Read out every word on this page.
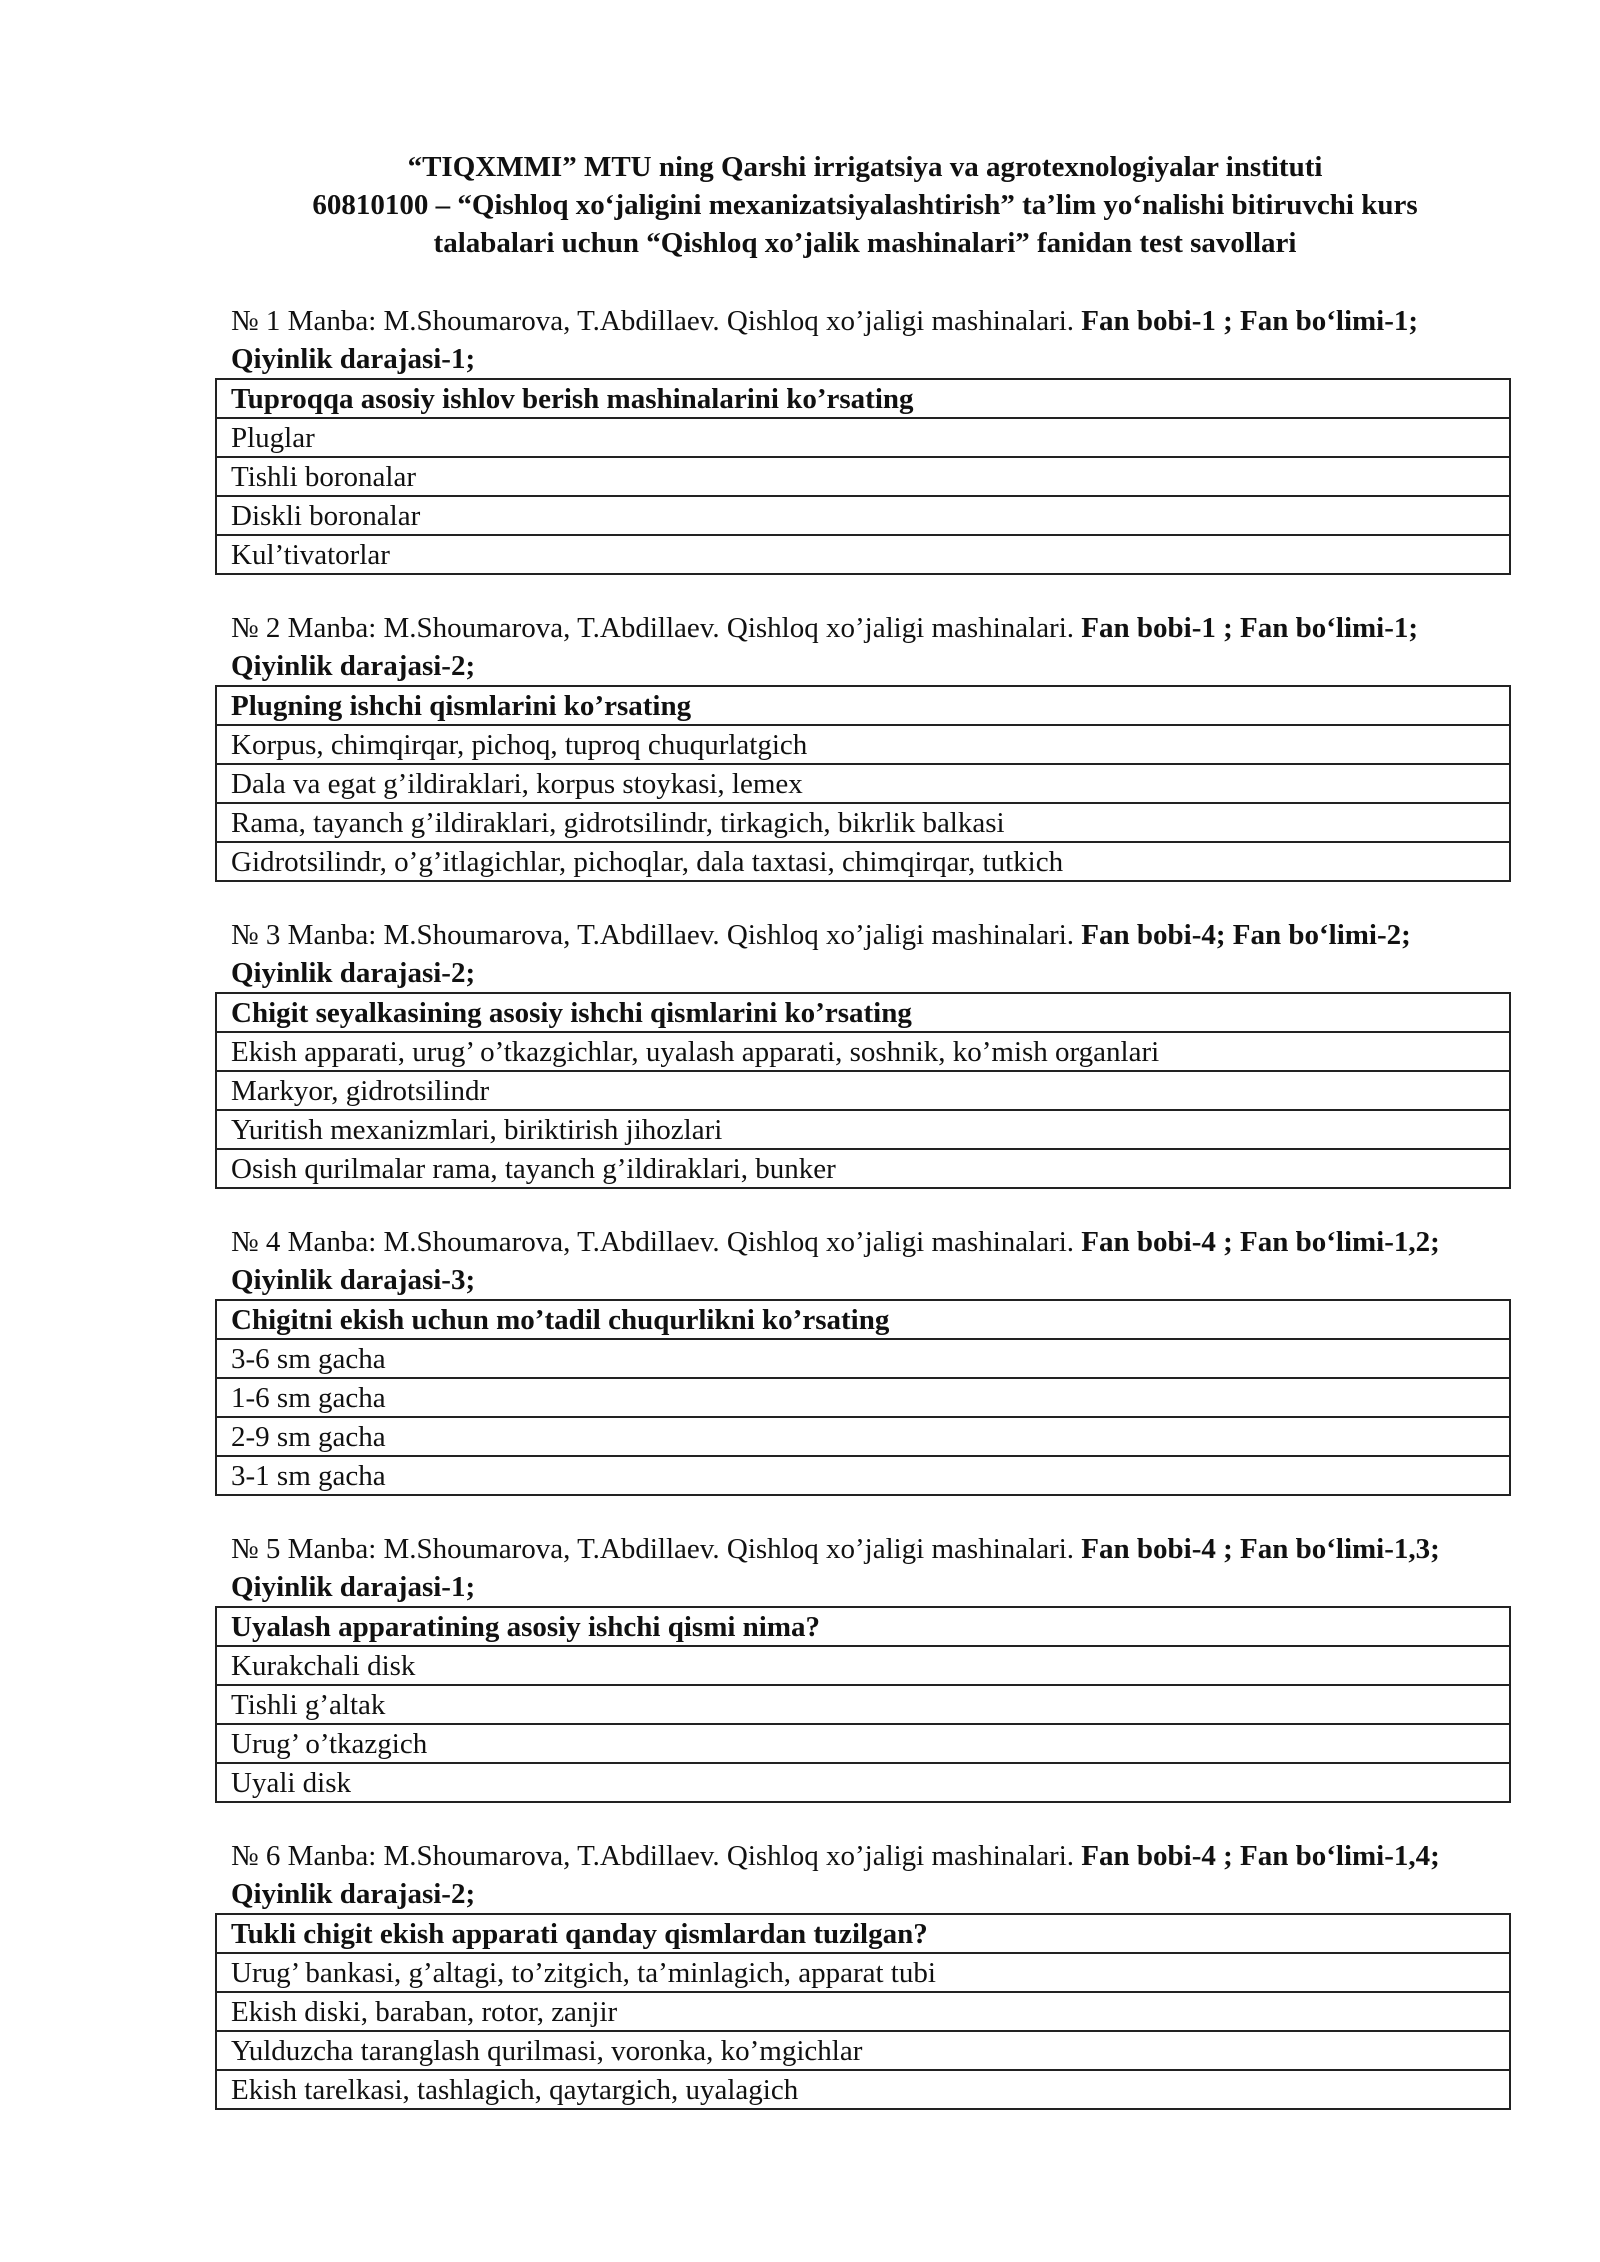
“TIQXMMI” MTU ning Qarshi irrigatsiya va agrotexnologiyalar instituti
60810100 – “Qishloq xo‘jaligini mexanizatsiyalashtirish” ta’lim yo‘nalishi bitiruvchi kurs
talabalari uchun “Qishloq xo’jalik mashinalari” fanidan test savollari
№ 1 Manba: M.Shoumarova, T.Abdillaev. Qishloq xo’jaligi mashinalari. Fan bobi-1 ; Fan bo‘limi-1; Qiyinlik darajasi-1;
Tuproqqa asosiy ishlov berish mashinalarini ko’rsating
Pluglar
Tishli boronalar
Diskli boronalar
Kul’tivatorlar
№ 2 Manba: M.Shoumarova, T.Abdillaev. Qishloq xo’jaligi mashinalari. Fan bobi-1 ; Fan bo‘limi-1; Qiyinlik darajasi-2;
Plugning ishchi qismlarini ko’rsating
Korpus, chimqirqar, pichoq, tuproq chuqurlatgich
Dala va egat g’ildiraklari, korpus stoykasi, lemex
Rama, tayanch g’ildiraklari, gidrotsilindr, tirkagich, bikrlik balkasi
Gidrotsilindr, o’g’itlagichlar, pichoqlar, dala taxtasi, chimqirqar, tutkich
№ 3 Manba: M.Shoumarova, T.Abdillaev. Qishloq xo’jaligi mashinalari. Fan bobi-4; Fan bo‘limi-2; Qiyinlik darajasi-2;
Chigit seyalkasining asosiy ishchi qismlarini ko’rsating
Ekish apparati, urug’ o’tkazgichlar, uyalash apparati, soshnik, ko’mish organlari
Markyor, gidrotsilindr
Yuritish mexanizmlari, biriktirish jihozlari
Osish qurilmalar rama, tayanch g’ildiraklari, bunker
№ 4 Manba: M.Shoumarova, T.Abdillaev. Qishloq xo’jaligi mashinalari. Fan bobi-4 ; Fan bo‘limi-1,2; Qiyinlik darajasi-3;
Chigitni ekish uchun mo’tadil chuqurlikni ko’rsating
3-6 sm gacha
1-6 sm gacha
2-9 sm gacha
3-1 sm gacha
№ 5 Manba: M.Shoumarova, T.Abdillaev. Qishloq xo’jaligi mashinalari. Fan bobi-4 ; Fan bo‘limi-1,3; Qiyinlik darajasi-1;
Uyalash apparatining asosiy ishchi qismi nima?
Kurakchali disk
Tishli g’altak
Urug’ o’tkazgich
Uyali disk
№ 6 Manba: M.Shoumarova, T.Abdillaev. Qishloq xo’jaligi mashinalari. Fan bobi-4 ; Fan bo‘limi-1,4; Qiyinlik darajasi-2;
Tukli chigit ekish apparati qanday qismlardan tuzilgan?
Urug’ bankasi, g’altagi, to’zitgich, ta’minlagich, apparat tubi
Ekish diski, baraban, rotor, zanjir
Yulduzcha taranglash qurilmasi, voronka, ko’mgichlar
Ekish tarelkasi, tashlagich, qaytargich, uyalagich
